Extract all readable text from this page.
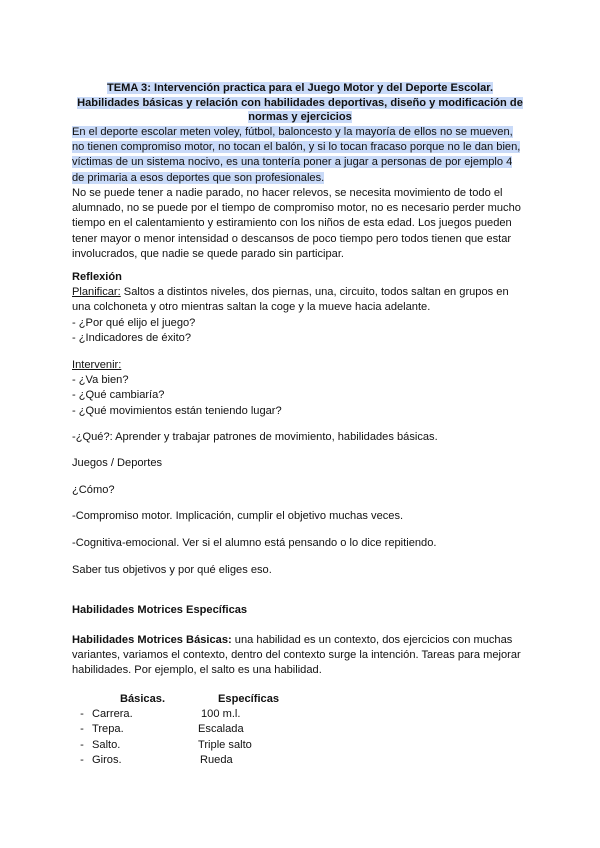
TEMA 3: Intervención practica para el Juego Motor y del Deporte Escolar.

Habilidades básicas y relación con habilidades deportivas, diseño y modificación de

normas y ejercicios

En el deporte escolar meten voley, fútbol, baloncesto y la mayoría de ellos no se mueven,

no tienen compromiso motor, no tocan el balón, y si lo tocan fracaso porque no le dan bien,

víctimas de un sistema nocivo, es una tontería poner a jugar a personas de por ejemplo 4

de primaria a esos deportes que son profesionales.

No se puede tener a nadie parado, no hacer relevos, se necesita movimiento de todo el

alumnado, no se puede por el tiempo de compromiso motor, no es necesario perder mucho

tiempo en el calentamiento y estiramiento con los niños de esta edad. Los juegos pueden

tener mayor o menor intensidad o descansos de poco tiempo pero todos tienen que estar

involucrados, que nadie se quede parado sin participar.

Reflexión

Planificar: Saltos a distintos niveles, dos piernas, una, circuito, todos saltan en grupos en

una colchoneta y otro mientras saltan la coge y la mueve hacia adelante.

- ¿Por qué elijo el juego?

- ¿Indicadores de éxito?

Intervenir:

- ¿Va bien?

- ¿Qué cambiaría?

- ¿Qué movimientos están teniendo lugar?

-¿Qué?: Aprender y trabajar patrones de movimiento, habilidades básicas.

Juegos / Deportes

¿Cómo?

-Compromiso motor. Implicación, cumplir el objetivo muchas veces.

-Cognitiva-emocional. Ver si el alumno está pensando o lo dice repitiendo.

Saber tus objetivos y por qué eliges eso.

Habilidades Motrices Específicas

Habilidades Motrices Básicas: una habilidad es un contexto, dos ejercicios con muchas

variantes, variamos el contexto, dentro del contexto surge la intención. Tareas para mejorar

habilidades. Por ejemplo, el salto es una habilidad.

Básicas.	Específicas
- Carrera.	100 m.l.
- Trepa.	Escalada
- Salto.	Triple salto
- Giros.	Rueda
